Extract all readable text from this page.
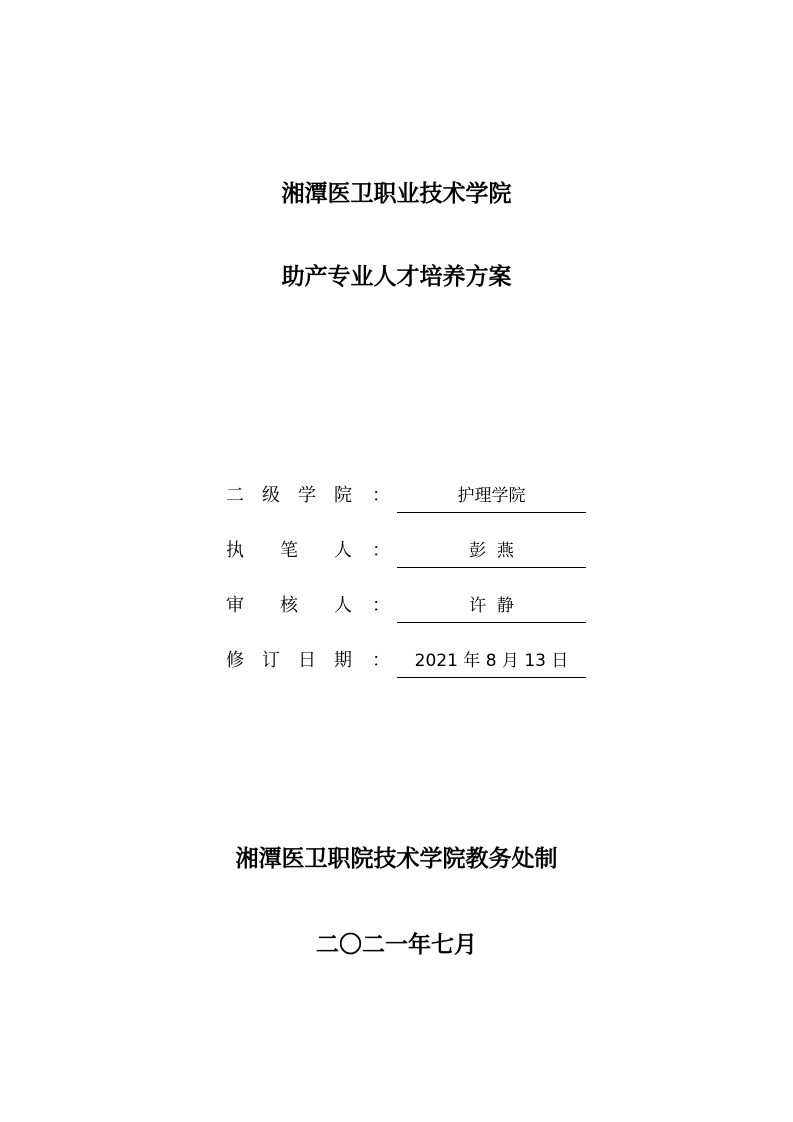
湘潭医卫职业技术学院
助产专业人才培养方案
二 级 学 院 ：	护理学院
执 笔 人 ：	彭  燕
审 核 人 ：	许  静
修 订 日 期 ：	2021 年 8 月 13 日
湘潭医卫职院技术学院教务处制
二〇二一年七月
